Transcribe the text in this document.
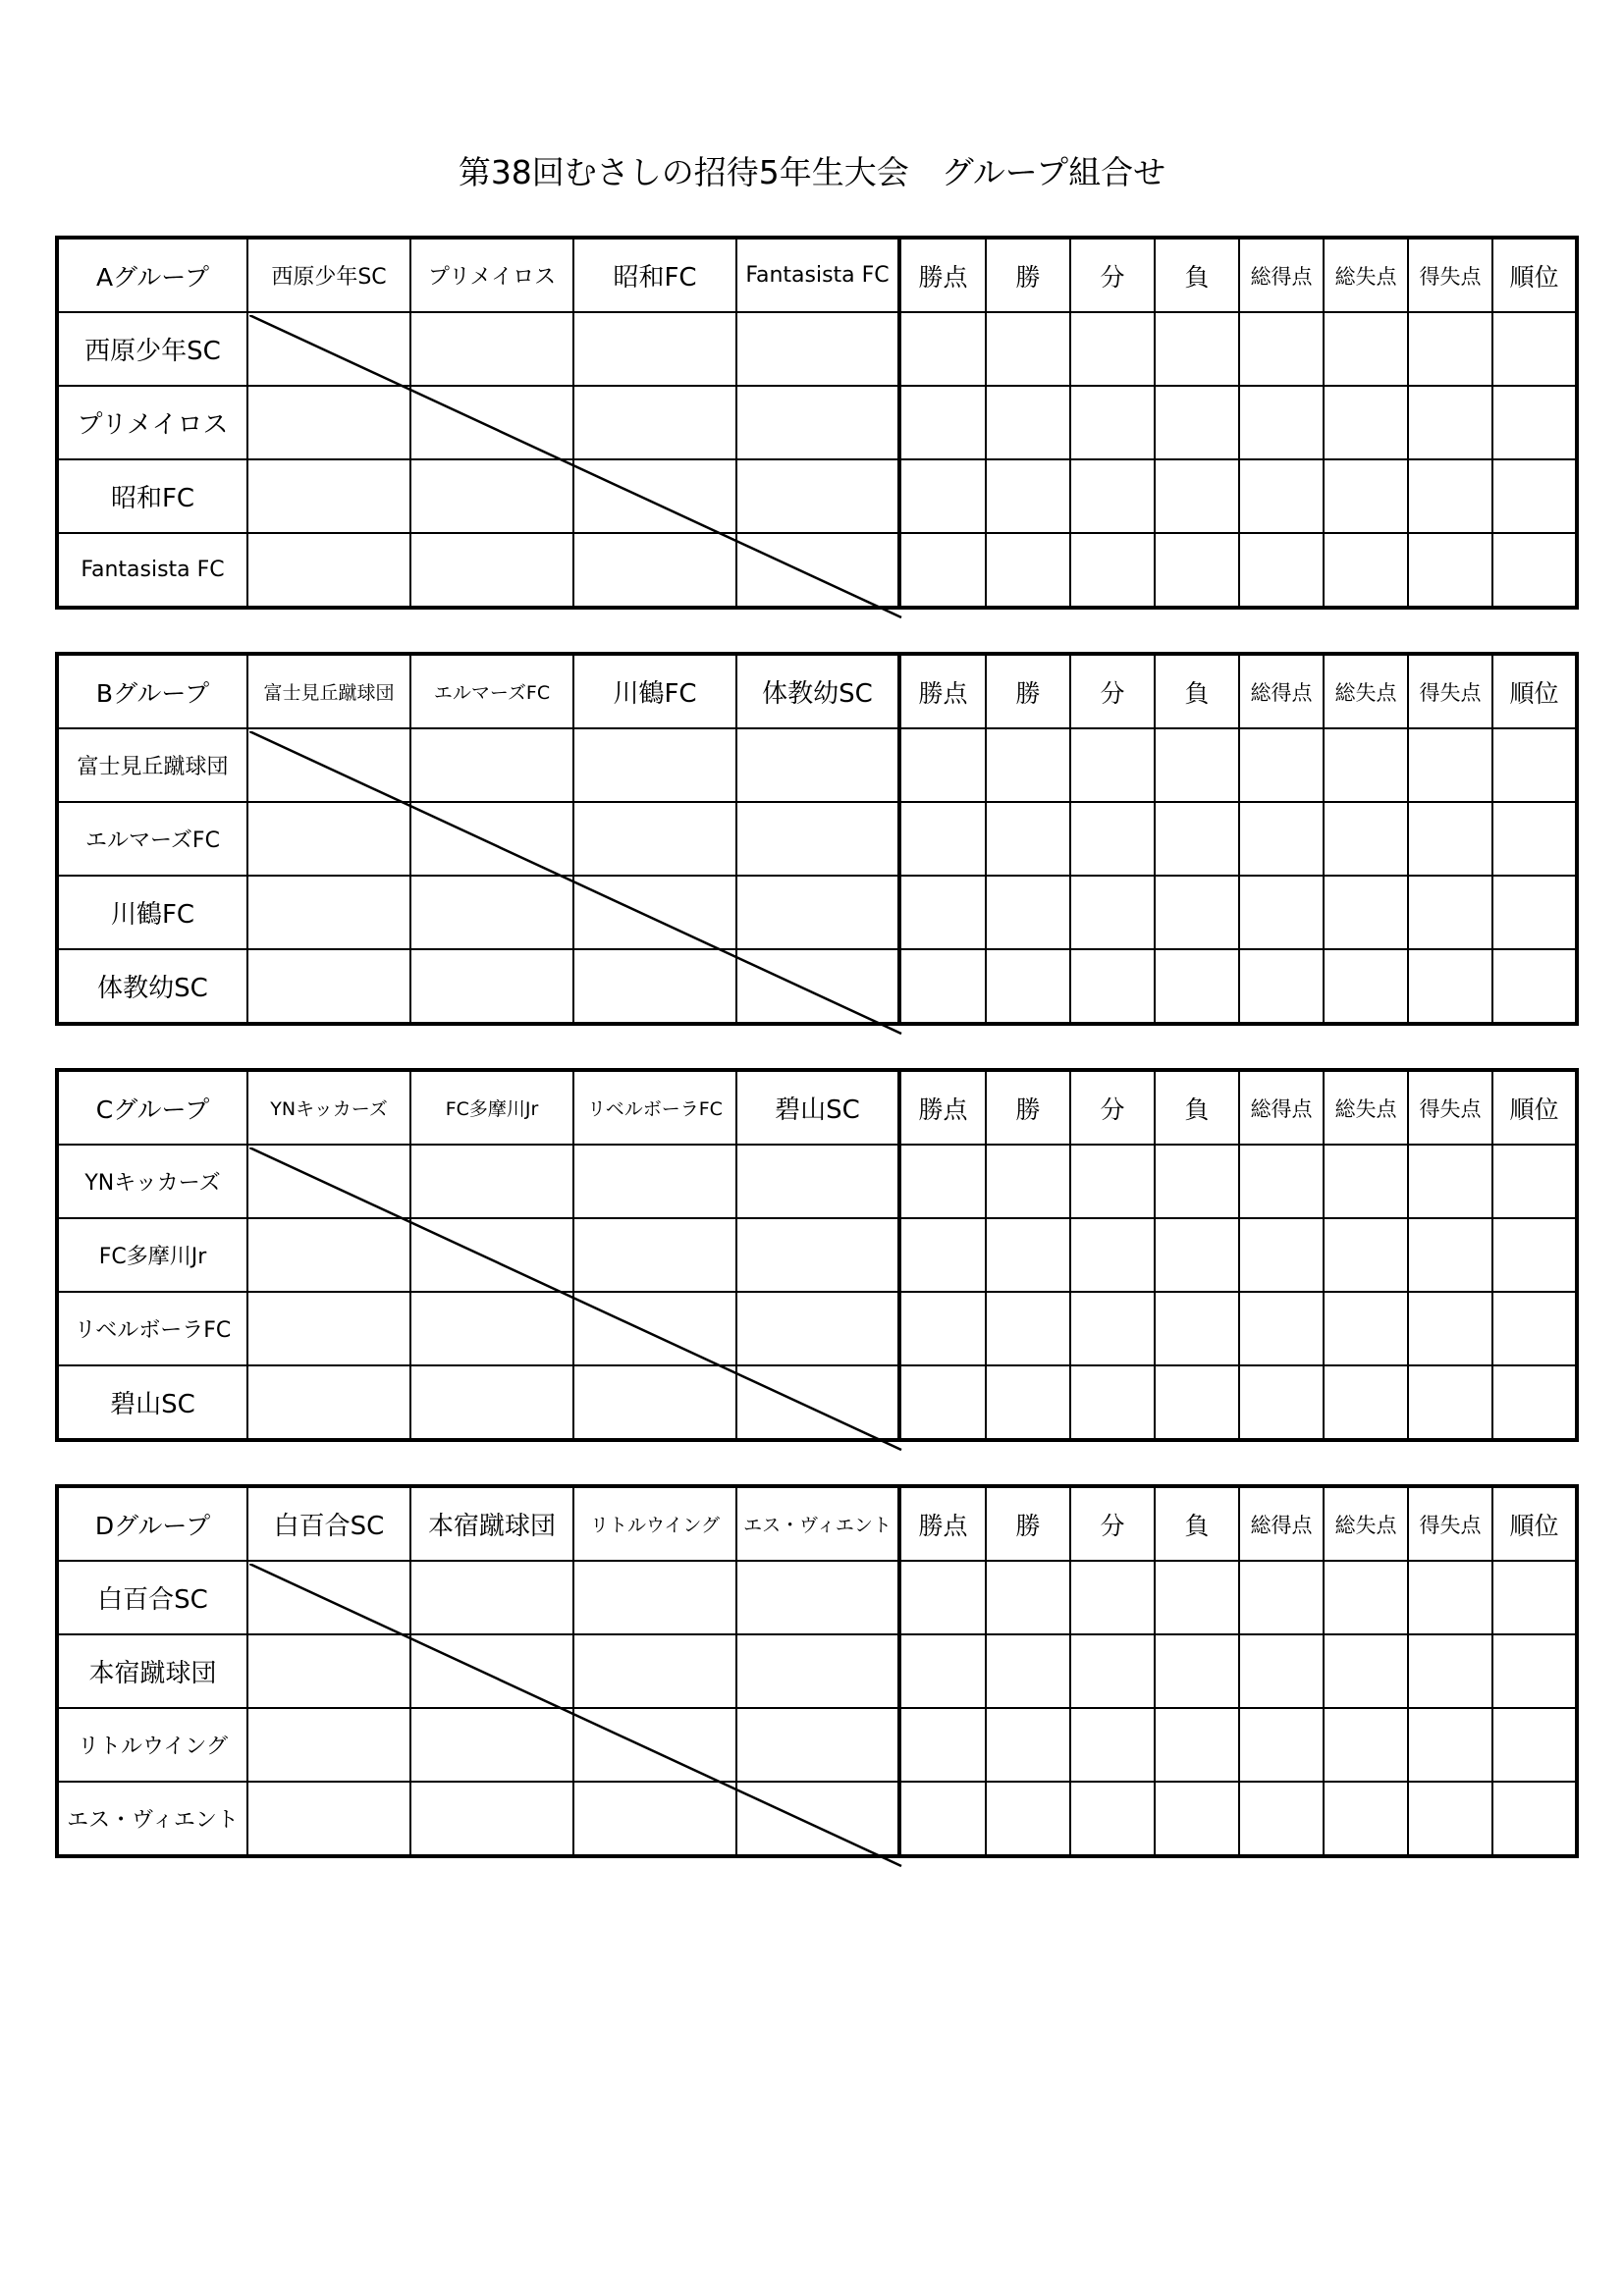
第38回むさしの招待5年生大会　グループ組合せ
Aグループ	西原少年SC	プリメイロス	昭和FC	Fantasista FC	勝点	勝	分	負	総得点	総失点	得失点	順位
西原少年SC												
プリメイロス												
昭和FC												
Fantasista FC												
Bグループ	富士見丘蹴球団	エルマーズFC	川鶴FC	体教幼SC	勝点	勝	分	負	総得点	総失点	得失点	順位
富士見丘蹴球団												
エルマーズFC												
川鶴FC												
体教幼SC												
Cグループ	YNキッカーズ	FC多摩川Jr	リベルボーラFC	碧山SC	勝点	勝	分	負	総得点	総失点	得失点	順位
YNキッカーズ												
FC多摩川Jr												
リベルボーラFC												
碧山SC												
Dグループ	白百合SC	本宿蹴球団	リトルウイング	エス・ヴィエント	勝点	勝	分	負	総得点	総失点	得失点	順位
白百合SC												
本宿蹴球団												
リトルウイング												
エス・ヴィエント												
